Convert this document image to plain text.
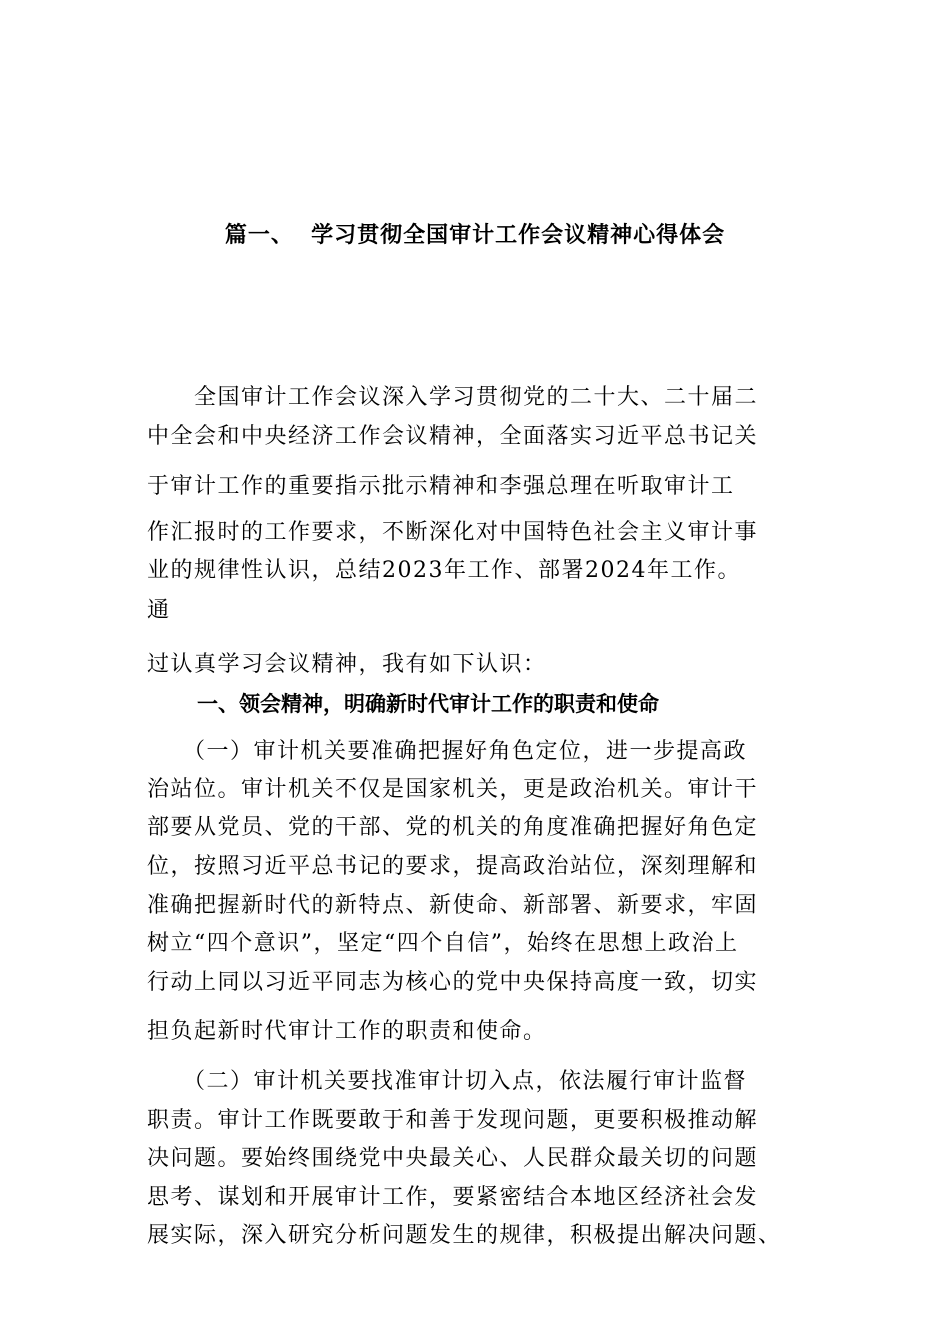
篇一、  学习贯彻全国审计工作会议精神心得体会
　　全国审计工作会议深入学习贯彻党的二十大、二十届二
中全会和中央经济工作会议精神，全面落实习近平总书记关
于审计工作的重要指示批示精神和李强总理在听取审计工
作汇报时的工作要求，不断深化对中国特色社会主义审计事
业的规律性认识，总结2023年工作、部署2024年工作。
通
过认真学习会议精神，我有如下认识：
一、领会精神，明确新时代审计工作的职责和使命
　　（一）审计机关要准确把握好角色定位，进一步提高政
治站位。审计机关不仅是国家机关，更是政治机关。审计干
部要从党员、党的干部、党的机关的角度准确把握好角色定
位，按照习近平总书记的要求，提高政治站位，深刻理解和
准确把握新时代的新特点、新使命、新部署、新要求，牢固
树立“四个意识”，坚定“四个自信”，始终在思想上政治上
行动上同以习近平同志为核心的党中央保持高度一致，切实
担负起新时代审计工作的职责和使命。
　　（二）审计机关要找准审计切入点，依法履行审计监督
职责。审计工作既要敢于和善于发现问题，更要积极推动解
决问题。要始终围绕党中央最关心、人民群众最关切的问题
思考、谋划和开展审计工作，要紧密结合本地区经济社会发
展实际，深入研究分析问题发生的规律，积极提出解决问题、
